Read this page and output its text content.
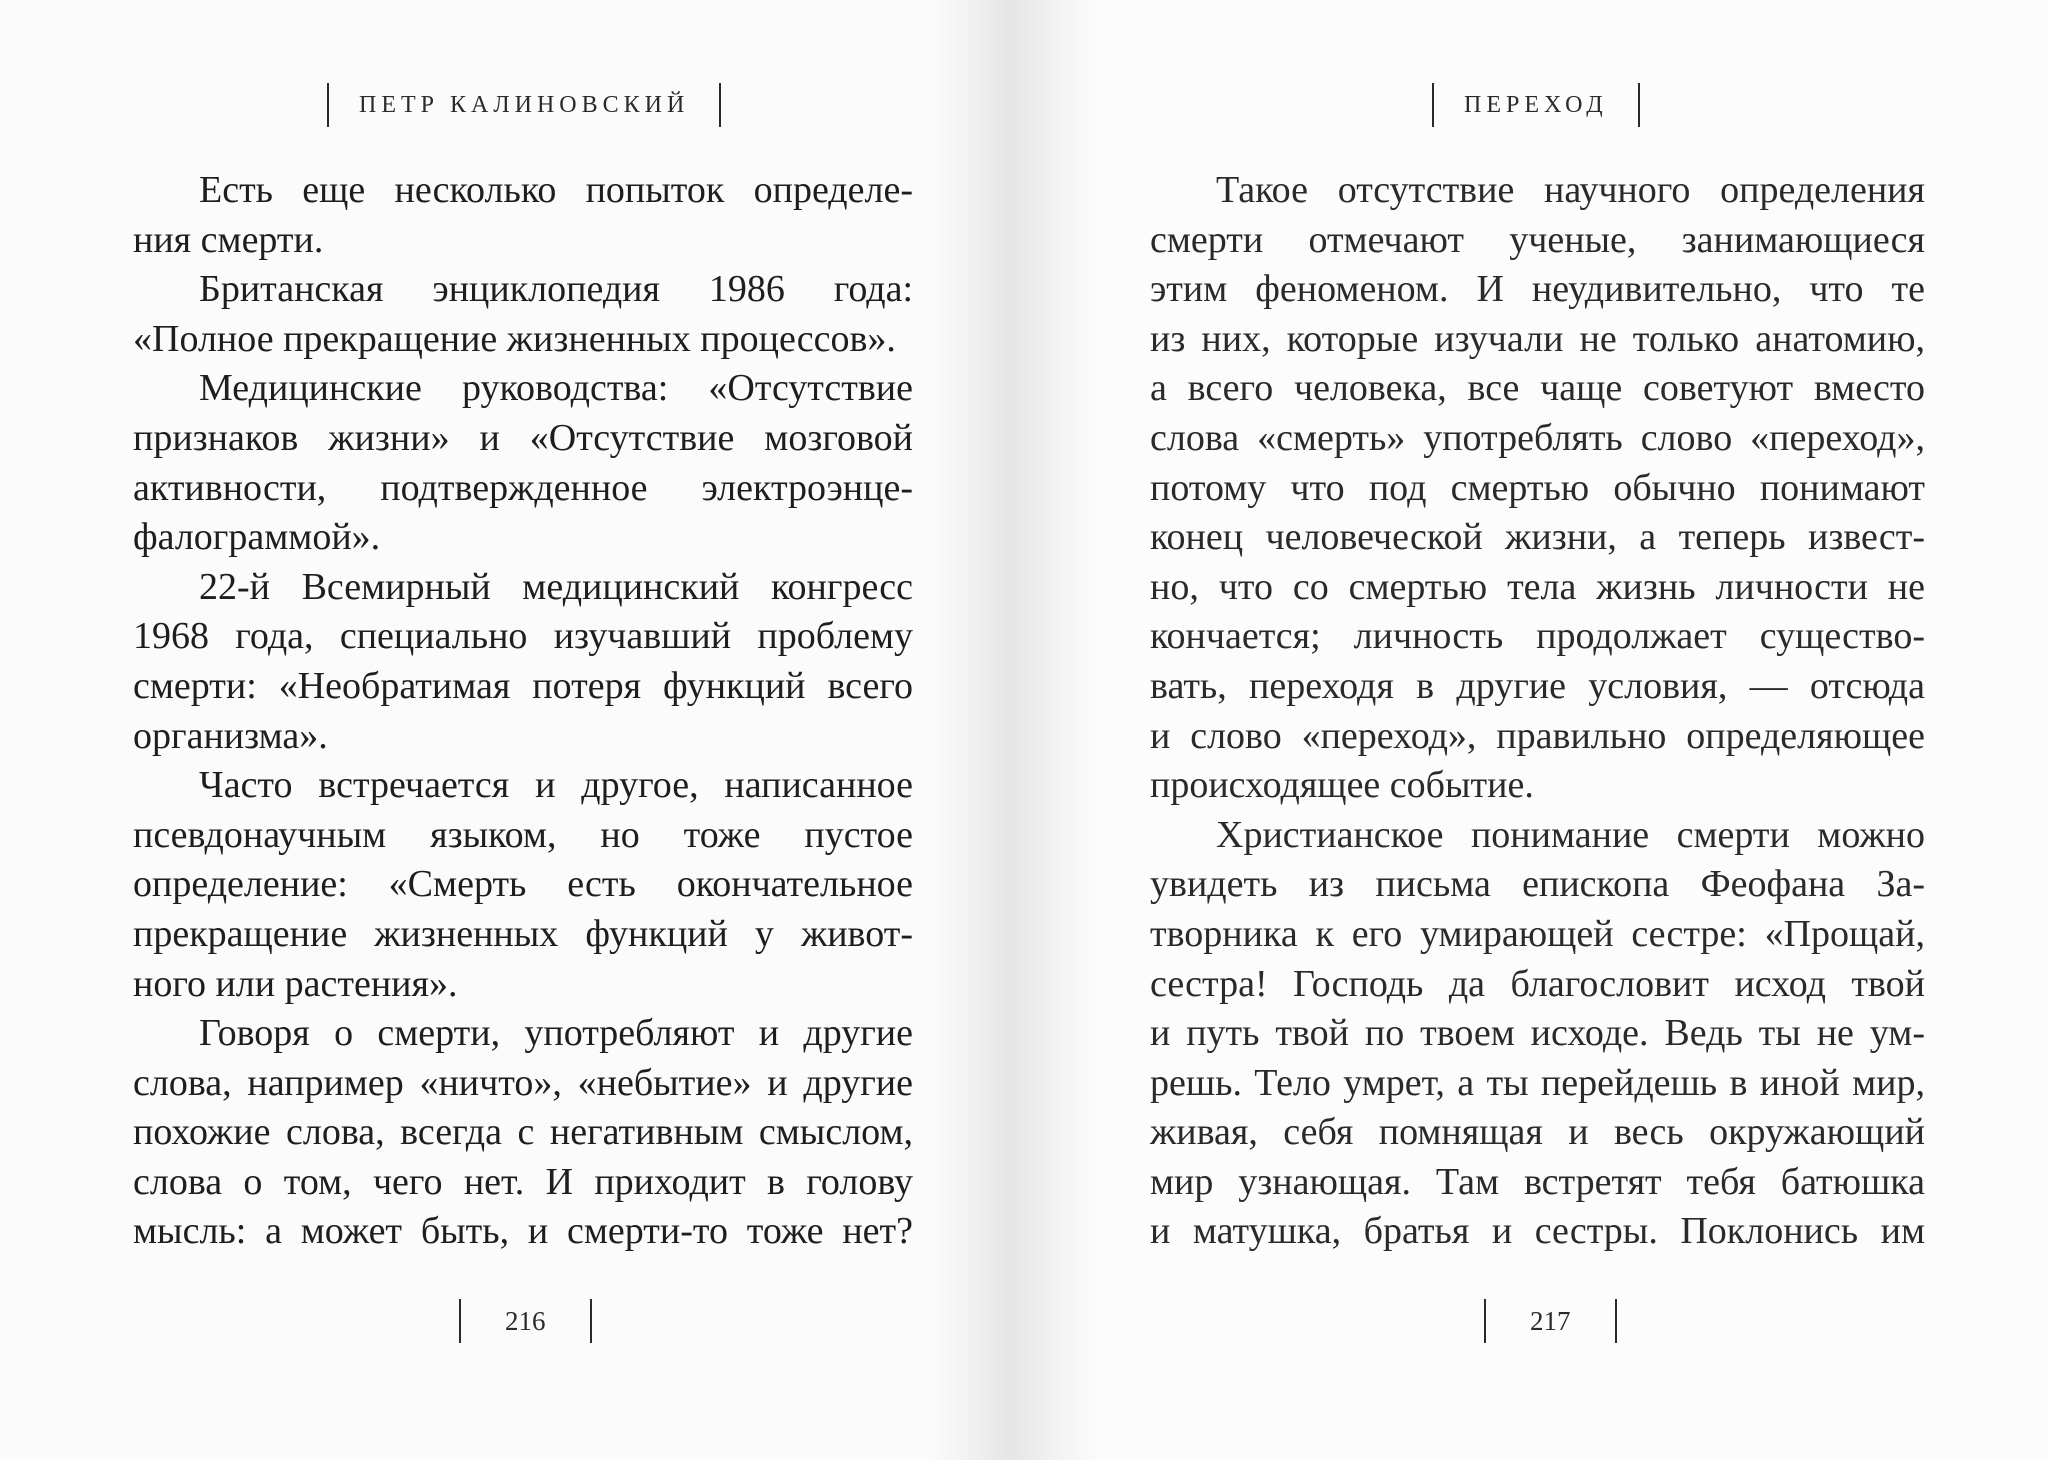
ПЕТР КАЛИНОВСКИЙ
Есть еще несколько попыток определе-
ния смерти.
Британская энциклопедия 1986 года:
«Полное прекращение жизненных процессов».
Медицинские руководства: «Отсутствие
признаков жизни» и «Отсутствие мозговой
активности, подтвержденное электроэнце-
фалограммой».
22-й Всемирный медицинский конгресс
1968 года, специально изучавший проблему
смерти: «Необратимая потеря функций всего
организма».
Часто встречается и другое, написанное
псевдонаучным языком, но тоже пустое
определение: «Смерть есть окончательное
прекращение жизненных функций у живот-
ного или растения».
Говоря о смерти, употребляют и другие
слова, например «ничто», «небытие» и другие
похожие слова, всегда с негативным смыслом,
слова о том, чего нет. И приходит в голову
мысль: а может быть, и смерти-то тоже нет?
216
ПЕРЕХОД
217
Такое отсутствие научного определения
смерти отмечают ученые, занимающиеся
этим феноменом. И неудивительно, что те
из них, которые изучали не только анатомию,
а всего человека, все чаще советуют вместо
слова «смерть» употреблять слово «переход»,
потому что под смертью обычно понимают
конец человеческой жизни, а теперь извест-
но, что со смертью тела жизнь личности не
кончается; личность продолжает существо-
вать, переходя в другие условия, — отсюда
и слово «переход», правильно определяющее
происходящее событие.
Христианское понимание смерти можно
увидеть из письма епископа Феофана За-
творника к его умирающей сестре: «Прощай,
сестра! Господь да благословит исход твой
и путь твой по твоем исходе. Ведь ты не ум-
решь. Тело умрет, а ты перейдешь в иной мир,
живая, себя помнящая и весь окружающий
мир узнающая. Там встретят тебя батюшка
и матушка, братья и сестры. Поклонись им
